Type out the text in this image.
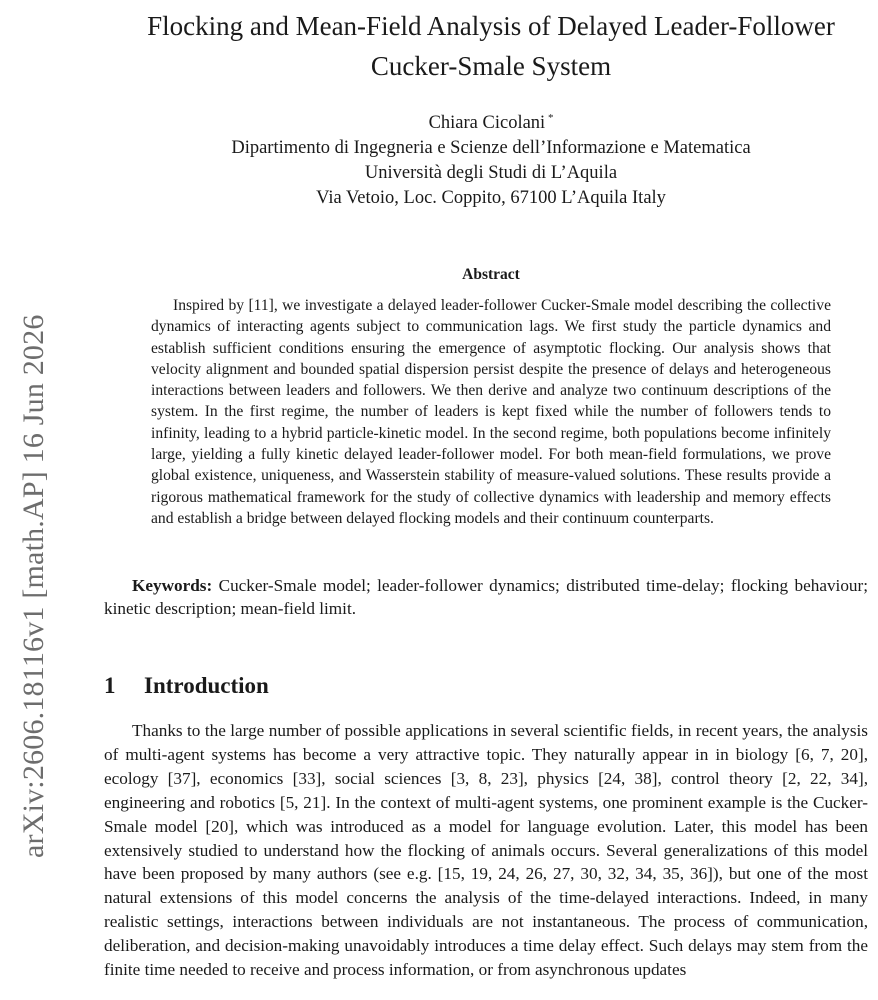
arXiv:2606.18116v1 [math.AP] 16 Jun 2026
Flocking and Mean-Field Analysis of Delayed Leader-Follower Cucker-Smale System
Chiara Cicolani *
Dipartimento di Ingegneria e Scienze dell’Informazione e Matematica
Università degli Studi di L’Aquila
Via Vetoio, Loc. Coppito, 67100 L’Aquila Italy
Abstract

Inspired by [11], we investigate a delayed leader-follower Cucker-Smale model describing the collective dynamics of interacting agents subject to communication lags. We first study the particle dynamics and establish sufficient conditions ensuring the emergence of asymptotic flocking. Our analysis shows that velocity alignment and bounded spatial dispersion persist despite the presence of delays and heterogeneous interactions between leaders and followers. We then derive and analyze two continuum descriptions of the system. In the first regime, the number of leaders is kept fixed while the number of followers tends to infinity, leading to a hybrid particle-kinetic model. In the second regime, both populations become infinitely large, yielding a fully kinetic delayed leader-follower model. For both mean-field formulations, we prove global existence, uniqueness, and Wasserstein stability of measure-valued solutions. These results provide a rigorous mathematical framework for the study of collective dynamics with leadership and memory effects and establish a bridge between delayed flocking models and their continuum counterparts.

Keywords: Cucker-Smale model; leader-follower dynamics; distributed time-delay; flocking behaviour; kinetic description; mean-field limit.

1 Introduction

Thanks to the large number of possible applications in several scientific fields, in recent years, the analysis of multi-agent systems has become a very attractive topic. They naturally appear in in biology [6, 7, 20], ecology [37], economics [33], social sciences [3, 8, 23], physics [24, 38], control theory [2, 22, 34], engineering and robotics [5, 21]. In the context of multi-agent systems, one prominent example is the Cucker-Smale model [20], which was introduced as a model for language evolution. Later, this model has been extensively studied to understand how the flocking of animals occurs. Several generalizations of this model have been proposed by many authors (see e.g. [15, 19, 24, 26, 27, 30, 32, 34, 35, 36]), but one of the most natural extensions of this model concerns the analysis of the time-delayed interactions. Indeed, in many realistic settings, interactions between individuals are not instantaneous. The process of communication, deliberation, and decision-making unavoidably introduces a time delay effect. Such delays may stem from the finite time needed to receive and process information, or from asynchronous updates
